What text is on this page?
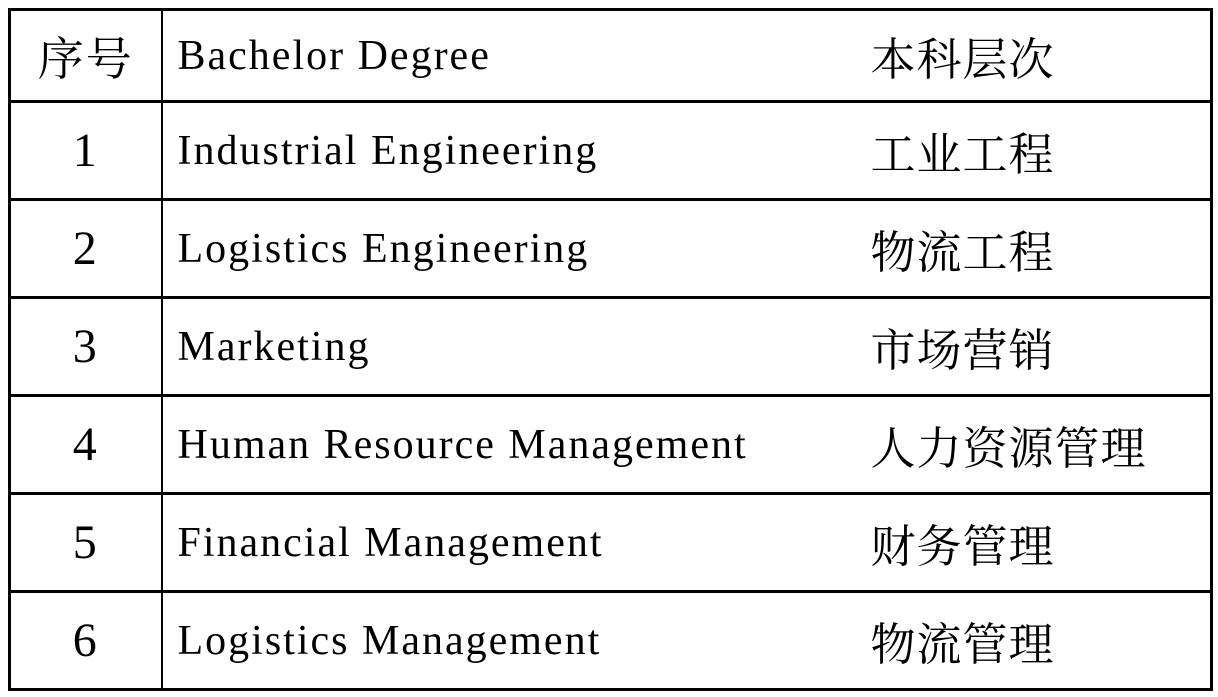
序号	Bachelor Degree	本科层次
1	Industrial Engineering	工业工程
2	Logistics Engineering	物流工程
3	Marketing	市场营销
4	Human Resource Management	人力资源管理
5	Financial Management	财务管理
6	Logistics Management	物流管理
